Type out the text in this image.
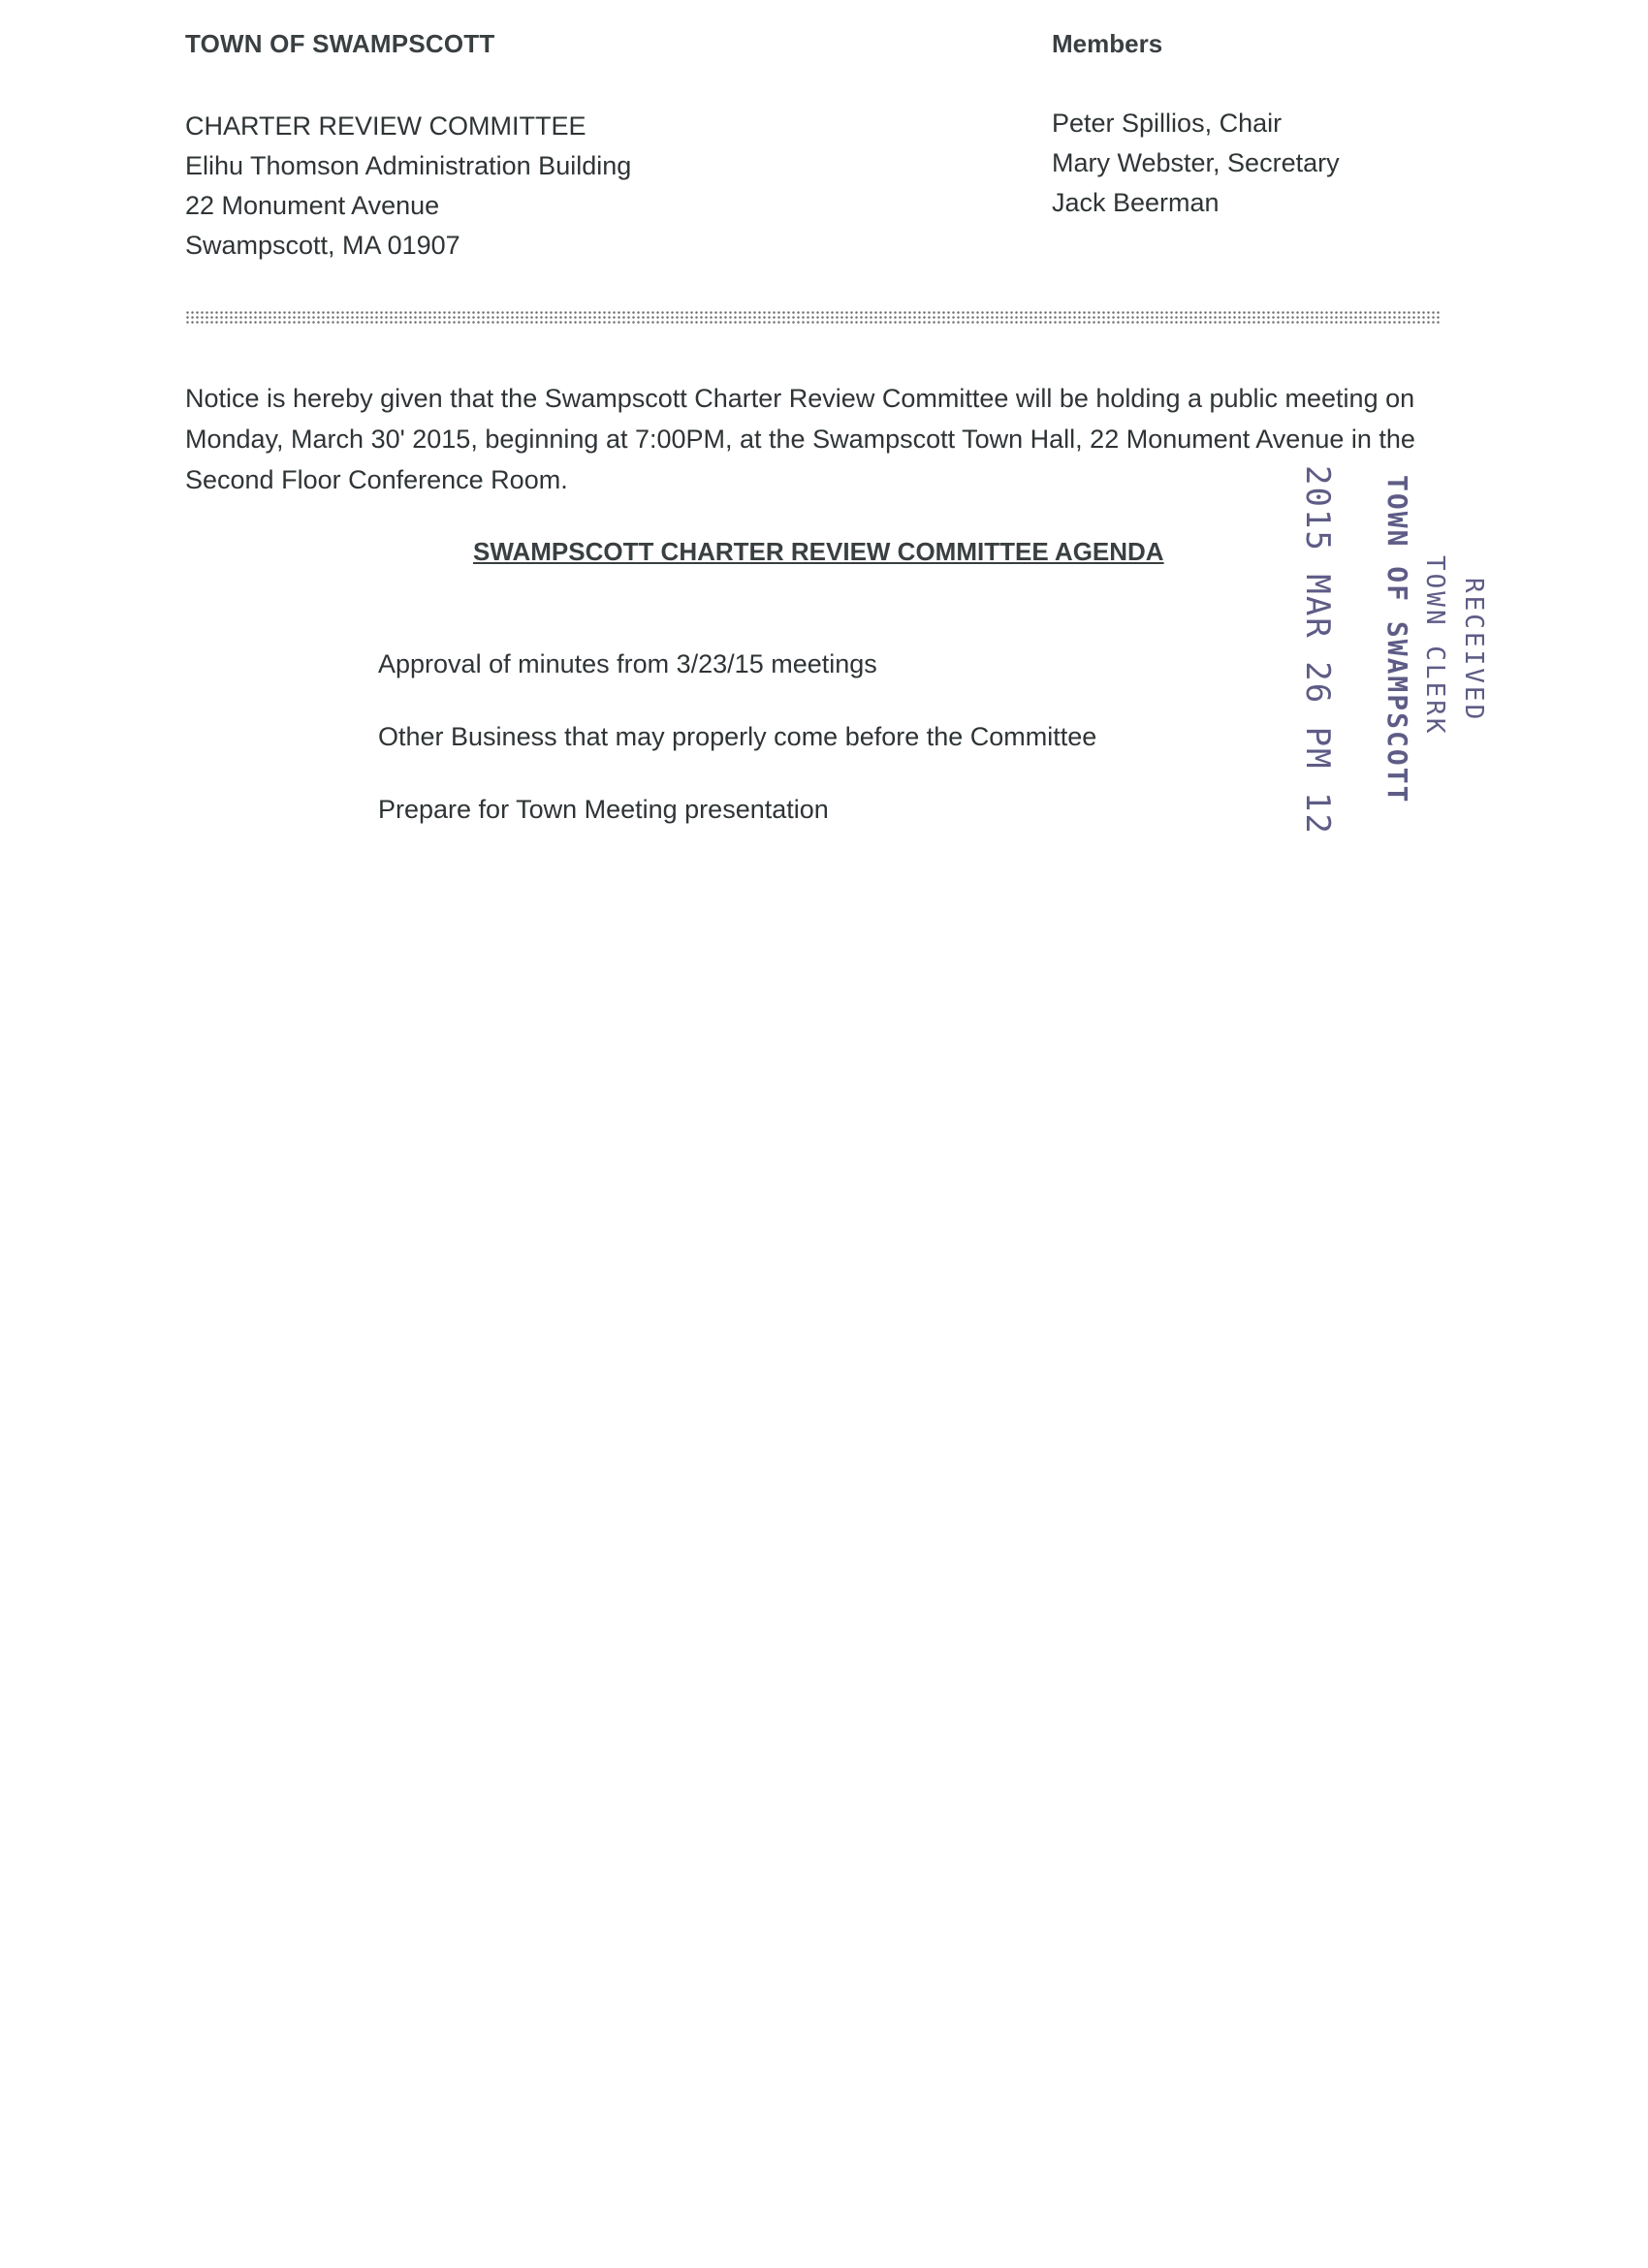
TOWN OF SWAMPSCOTT
CHARTER REVIEW COMMITTEE
Elihu Thomson Administration Building
22 Monument Avenue
Swampscott, MA 01907
Members
Peter Spillios, Chair
Mary Webster, Secretary
Jack Beerman
Notice is hereby given that the Swampscott Charter Review Committee will be holding a public meeting on Monday, March 30' 2015, beginning at 7:00PM, at the Swampscott Town Hall, 22 Monument Avenue in the Second Floor Conference Room.
SWAMPSCOTT CHARTER REVIEW COMMITTEE AGENDA
Approval of minutes from 3/23/15 meetings
Other Business that may properly come before the Committee
Prepare for Town Meeting presentation
RECEIVED
TOWN CLERK
TOWN OF SWAMPSCOTT
2015 MAR 26 PM 12 40
